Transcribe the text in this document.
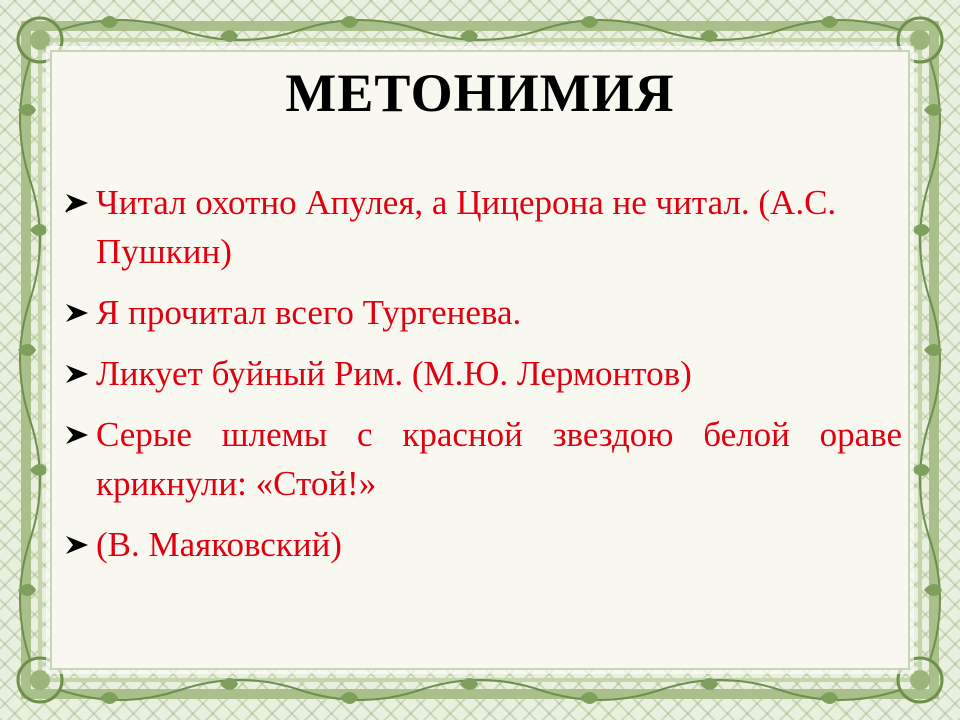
МЕТОНИМИЯ
Читал охотно Апулея, а Цицерона не читал. (А.С. Пушкин)
Я прочитал всего Тургенева.
Ликует буйный Рим. (М.Ю. Лермонтов)
Серые шлемы с красной звездою белой ораве крикнули: «Стой!»
(В. Маяковский)
